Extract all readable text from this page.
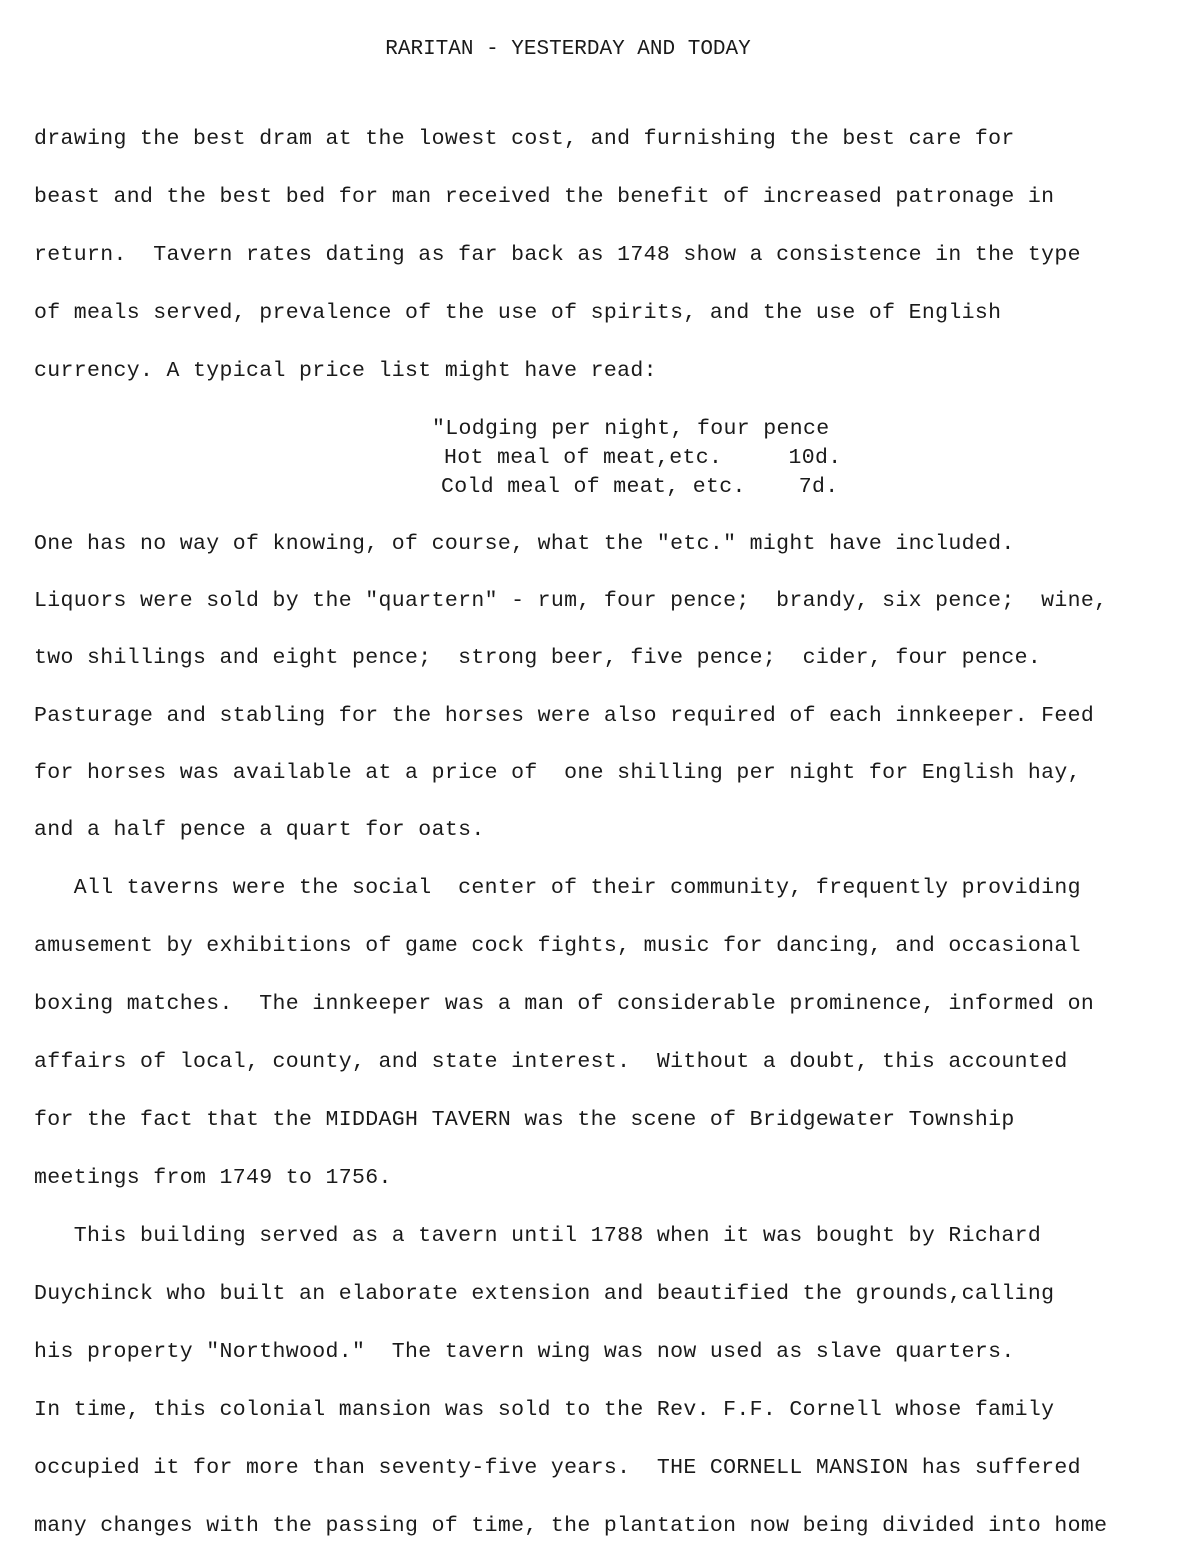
RARITAN - YESTERDAY AND TODAY
drawing the best dram at the lowest cost, and furnishing the best care for
beast and the best bed for man received the benefit of increased patronage in
return.  Tavern rates dating as far back as 1748 show a consistence in the type
of meals served, prevalence of the use of spirits, and the use of English
currency. A typical price list might have read:
"Lodging per night, four pence
Hot meal of meat,etc.     10d.
Cold meal of meat, etc.    7d.
One has no way of knowing, of course, what the "etc." might have included.
Liquors were sold by the "quartern" - rum, four pence;  brandy, six pence;  wine,
two shillings and eight pence;  strong beer, five pence;  cider, four pence.
Pasturage and stabling for the horses were also required of each innkeeper. Feed
for horses was available at a price of  one shilling per night for English hay,
and a half pence a quart for oats.
All taverns were the social  center of their community, frequently providing
amusement by exhibitions of game cock fights, music for dancing, and occasional
boxing matches.  The innkeeper was a man of considerable prominence, informed on
affairs of local, county, and state interest.  Without a doubt, this accounted
for the fact that the MIDDAGH TAVERN was the scene of Bridgewater Township
meetings from 1749 to 1756.
This building served as a tavern until 1788 when it was bought by Richard
Duychinck who built an elaborate extension and beautified the grounds,calling
his property "Northwood."  The tavern wing was now used as slave quarters.
In time, this colonial mansion was sold to the Rev. F.F. Cornell whose family
occupied it for more than seventy-five years.  THE CORNELL MANSION has suffered
many changes with the passing of time, the plantation now being divided into home
